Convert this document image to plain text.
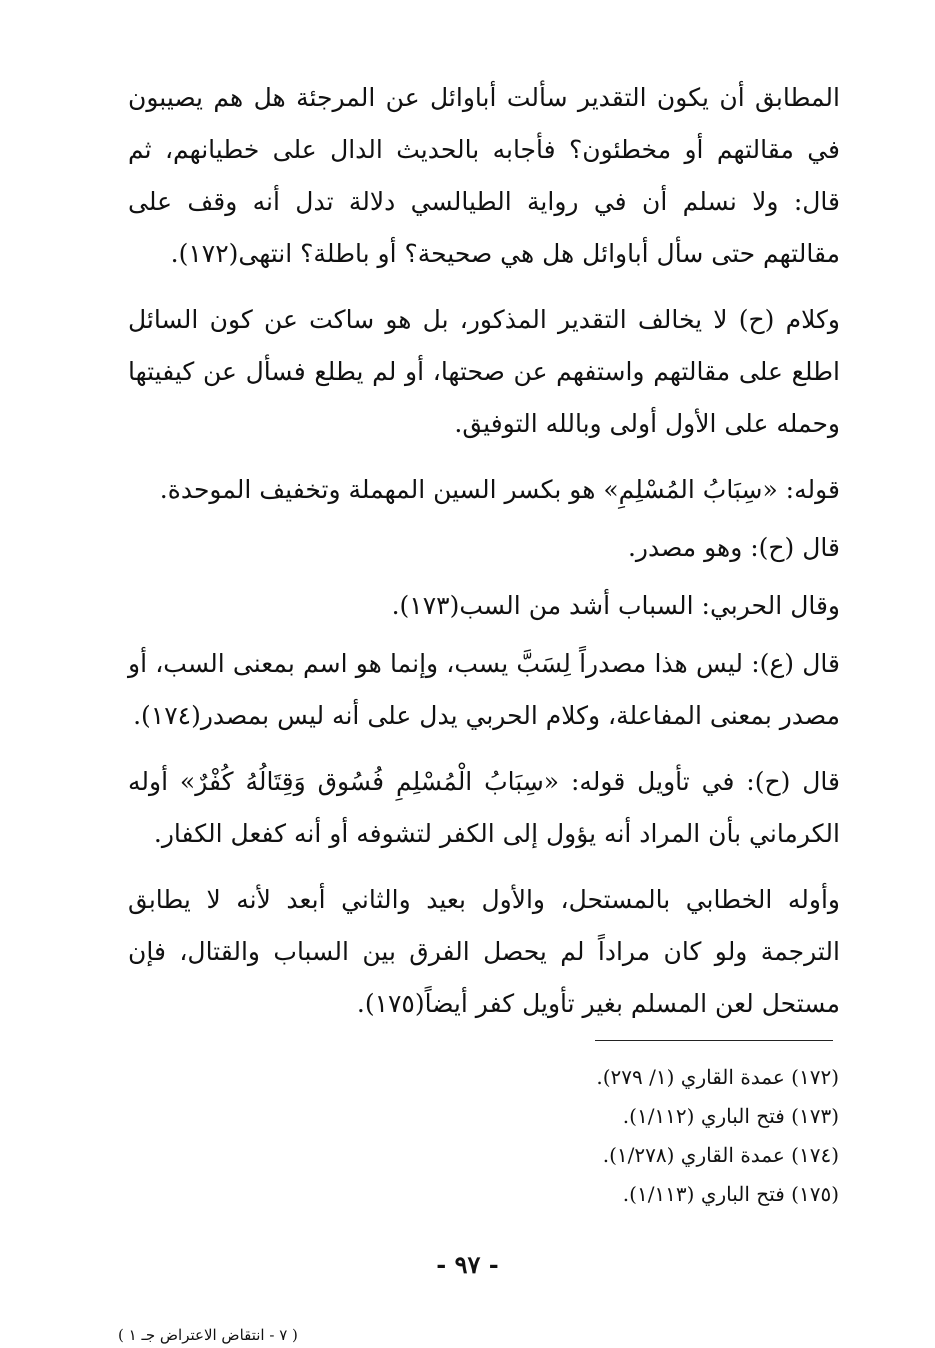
المطابق أن يكون التقدير سألت أباوائل عن المرجئة هل هم يصيبون في مقالتهم أو مخطئون؟ فأجابه بالحديث الدال على خطيانهم، ثم قال: ولا نسلم أن في رواية الطيالسي دلالة تدل أنه وقف على مقالتهم حتى سأل أباوائل هل هي صحيحة؟ أو باطلة؟ انتهى(١٧٢).

وكلام (ح) لا يخالف التقدير المذكور، بل هو ساكت عن كون السائل اطلع على مقالتهم واستفهم عن صحتها، أو لم يطلع فسأل عن كيفيتها وحمله على الأول أولى وبالله التوفيق.

قوله: «سِبَابُ المُسْلِمِ» هو بكسر السين المهملة وتخفيف الموحدة.

قال (ح): وهو مصدر.

وقال الحربي: السباب أشد من السب(١٧٣).

قال (ع): ليس هذا مصدراً لِسَبَّ يسب، وإنما هو اسم بمعنى السب، أو مصدر بمعنى المفاعلة، وكلام الحربي يدل على أنه ليس بمصدر(١٧٤).

قال (ح): في تأويل قوله: «سِبَابُ الْمُسْلِمِ فُسُوق وَقِتَالُهُ كُفْرٌ» أوله الكرماني بأن المراد أنه يؤول إلى الكفر لتشوفه أو أنه كفعل الكفار.

وأوله الخطابي بالمستحل، والأول بعيد والثاني أبعد لأنه لا يطابق الترجمة ولو كان مراداً لم يحصل الفرق بين السباب والقتال، فإن مستحل لعن المسلم بغير تأويل كفر أيضاً(١٧٥).

(١٧٢) عمدة القاري (١/ ٢٧٩).
(١٧٣) فتح الباري (١/١١٢).
(١٧٤) عمدة القاري (١/٢٧٨).
(١٧٥) فتح الباري (١/١١٣).
- ٩٧ -
( ٧ - انتقاض الاعتراض جـ ١ )
